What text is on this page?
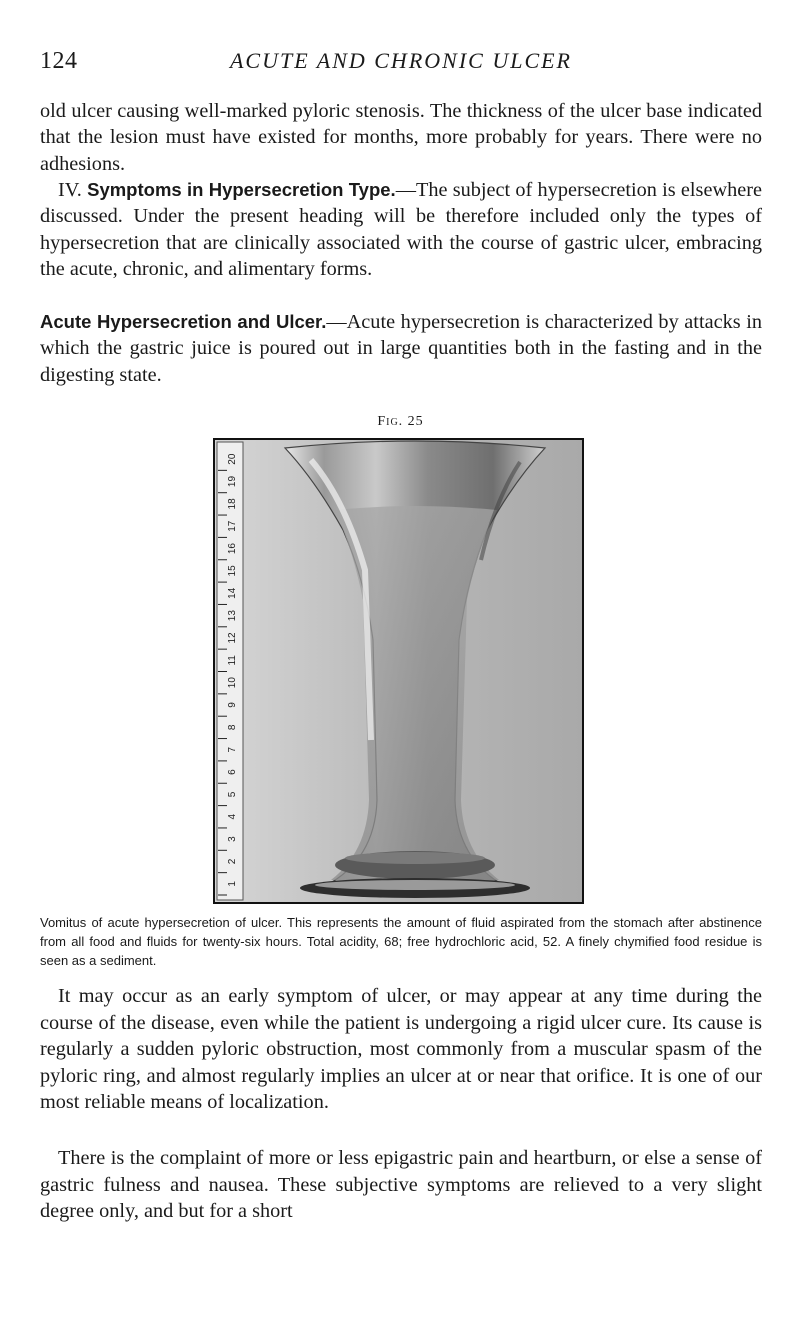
124	ACUTE AND CHRONIC ULCER

old ulcer causing well-marked pyloric stenosis. The thickness of the ulcer base indicated that the lesion must have existed for months, more probably for years. There were no adhesions.

IV. Symptoms in Hypersecretion Type.—The subject of hypersecretion is elsewhere discussed. Under the present heading will be therefore included only the types of hypersecretion that are clinically associated with the course of gastric ulcer, embracing the acute, chronic, and alimentary forms.

Acute Hypersecretion and Ulcer.—Acute hypersecretion is characterized by attacks in which the gastric juice is poured out in large quantities both in the fasting and in the digesting state.

Fig. 25
1
2
3
4
5
6
7
8
9
10
11
12
13
14
15
16
17
18
19
20

Vomitus of acute hypersecretion of ulcer. This represents the amount of fluid aspirated from the stomach after abstinence from all food and fluids for twenty-six hours. Total acidity, 68; free hydrochloric acid, 52. A finely chymified food residue is seen as a sediment.

It may occur as an early symptom of ulcer, or may appear at any time during the course of the disease, even while the patient is undergoing a rigid ulcer cure. Its cause is regularly a sudden pyloric obstruction, most commonly from a muscular spasm of the pyloric ring, and almost regularly implies an ulcer at or near that orifice. It is one of our most reliable means of localization.

There is the complaint of more or less epigastric pain and heartburn, or else a sense of gastric fulness and nausea. These subjective symptoms are relieved to a very slight degree only, and but for a short
